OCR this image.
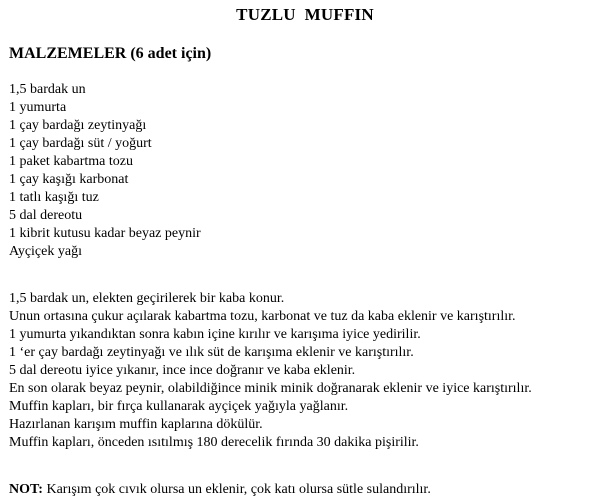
TUZLU  MUFFIN
MALZEMELER (6 adet için)
1,5 bardak un
1 yumurta
1 çay bardağı zeytinyağı
1 çay bardağı süt / yoğurt
1 paket kabartma tozu
1 çay kaşığı karbonat
1 tatlı kaşığı tuz
5 dal dereotu
1 kibrit kutusu kadar beyaz peynir
Ayçiçek yağı
1,5 bardak un, elekten geçirilerek bir kaba konur.
Unun ortasına çukur açılarak kabartma tozu, karbonat ve tuz da kaba eklenir ve karıştırılır.
1 yumurta yıkandıktan sonra kabın içine kırılır ve karışıma iyice yedirilir.
1 ‘er çay bardağı zeytinyağı ve ılık süt de karışıma eklenir ve karıştırılır.
5 dal dereotu iyice yıkanır, ince ince doğranır ve kaba eklenir.
En son olarak beyaz peynir, olabildiğince minik minik doğranarak eklenir ve iyice karıştırılır.
Muffin kapları, bir fırça kullanarak ayçiçek yağıyla yağlanır.
Hazırlanan karışım muffin kaplarına dökülür.
Muffin kapları, önceden ısıtılmış 180 derecelik fırında 30 dakika pişirilir.
NOT: Karışım çok cıvık olursa un eklenir, çok katı olursa sütle sulandırılır.
